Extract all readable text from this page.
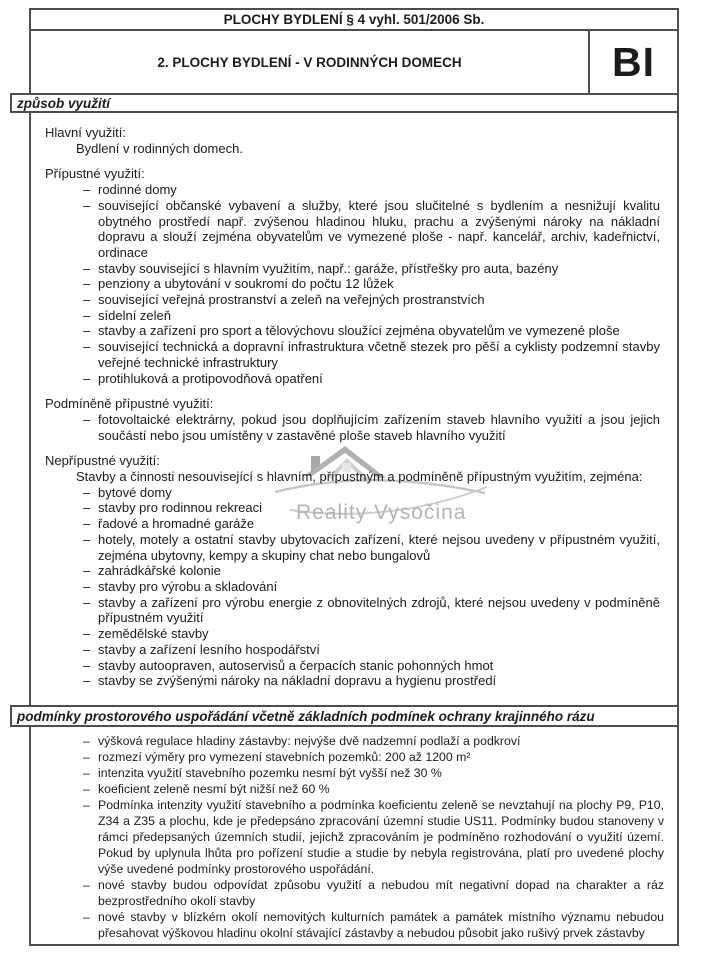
Reality Vysočina
PLOCHY BYDLENÍ § 4 vyhl. 501/2006 Sb.
2. PLOCHY BYDLENÍ - V RODINNÝCH DOMECH	BI
způsob využití
Hlavní využití:
Bydlení v rodinných domech.
Přípustné využití:
– rodinné domy
– související občanské vybavení a služby, které jsou slučitelné s bydlením a nesnižují kvalitu obytného prostředí např. zvýšenou hladinou hluku, prachu a zvýšenými nároky na nákladní dopravu a slouží zejména obyvatelům ve vymezené ploše - např. kancelář, archiv, kadeřnictví, ordinace
– stavby související s hlavním využitím, např.: garáže, přístřešky pro auta, bazény
– penziony a ubytování v soukromí do počtu 12 lůžek
– související veřejná prostranství a zeleň na veřejných prostranstvích
– sídelní zeleň
– stavby a zařízení pro sport a tělovýchovu sloužící zejména obyvatelům ve vymezené ploše
– související technická a dopravní infrastruktura včetně stezek pro pěší a cyklisty podzemní stavby veřejné technické infrastruktury
– protihluková a protipovodňová opatření
Podmíněně přípustné využití:
– fotovoltaické elektrárny, pokud jsou doplňujícím zařízením staveb hlavního využití a jsou jejich součástí nebo jsou umístěny v zastavěné ploše staveb hlavního využití
Nepřípustné využití:
Stavby a činnosti nesouvisející s hlavním, přípustným a podmíněně přípustným využitím, zejména:
– bytové domy
– stavby pro rodinnou rekreaci
– řadové a hromadné garáže
– hotely, motely a ostatní stavby ubytovacích zařízení, které nejsou uvedeny v přípustném využití, zejména ubytovny, kempy a skupiny chat nebo bungalovů
– zahrádkářské kolonie
– stavby pro výrobu a skladování
– stavby a zařízení pro výrobu energie z obnovitelných zdrojů, které nejsou uvedeny v podmíněně přípustném využití
– zemědělské stavby
– stavby a zařízení lesního hospodářství
– stavby autoopraven, autoservisů a čerpacích stanic pohonných hmot
– stavby se zvýšenými nároky na nákladní dopravu a hygienu prostředí
podmínky prostorového uspořádání včetně základních podmínek ochrany krajinného rázu
– výšková regulace hladiny zástavby: nejvýše dvě nadzemní podlaží a podkroví
– rozmezí výměry pro vymezení stavebních pozemků: 200 až 1200 m²
– intenzita využití stavebního pozemku nesmí být vyšší než 30 %
– koeficient zeleně nesmí být nižší než 60 %
– Podmínka intenzity využití stavebního a podmínka koeficientu zeleně se nevztahují na plochy P9, P10, Z34 a Z35 a plochu, kde je předepsáno zpracování územní studie US11. Podmínky budou stanoveny v rámci předepsaných územních studií, jejichž zpracováním je podmíněno rozhodování o využití území. Pokud by uplynula lhůta pro pořízení studie a studie by nebyla registrována, platí pro uvedené plochy výše uvedené podmínky prostorového uspořádání.
– nové stavby budou odpovídat způsobu využití a nebudou mít negativní dopad na charakter a ráz bezprostředního okolí stavby
– nové stavby v blízkém okolí nemovitých kulturních památek a památek místního významu nebudou přesahovat výškovou hladinu okolní stávající zástavby a nebudou působit jako rušivý prvek zástavby
